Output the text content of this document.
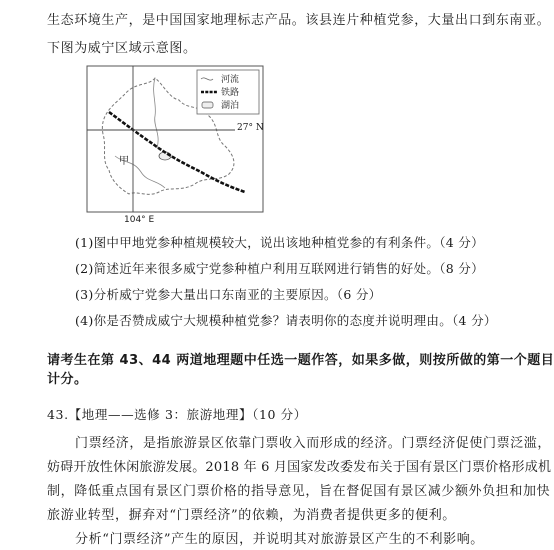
生态环境生产，是中国国家地理标志产品。该县连片种植党参，大量出口到东南亚。
下图为威宁区域示意图。
河流
铁路
湖泊
27° N
甲
104° E
(1)图中甲地党参种植规模较大，说出该地种植党参的有利条件。（4 分）
(2)简述近年来很多威宁党参种植户利用互联网进行销售的好处。（8 分）
(3)分析威宁党参大量出口东南亚的主要原因。（6 分）
(4)你是否赞成威宁大规模种植党参？请表明你的态度并说明理由。（4 分）
请考生在第 43、44 两道地理题中任选一题作答，如果多做，则按所做的第一个题目
计分。
43.【地理——选修 3：旅游地理】（10 分）
门票经济，是指旅游景区依靠门票收入而形成的经济。门票经济促使门票泛滥，
妨碍开放性休闲旅游发展。2018 年 6 月国家发改委发布关于国有景区门票价格形成机
制，降低重点国有景区门票价格的指导意见，旨在督促国有景区减少额外负担和加快
旅游业转型，摒弃对“门票经济”的依赖，为消费者提供更多的便利。
分析“门票经济”产生的原因，并说明其对旅游景区产生的不利影响。
